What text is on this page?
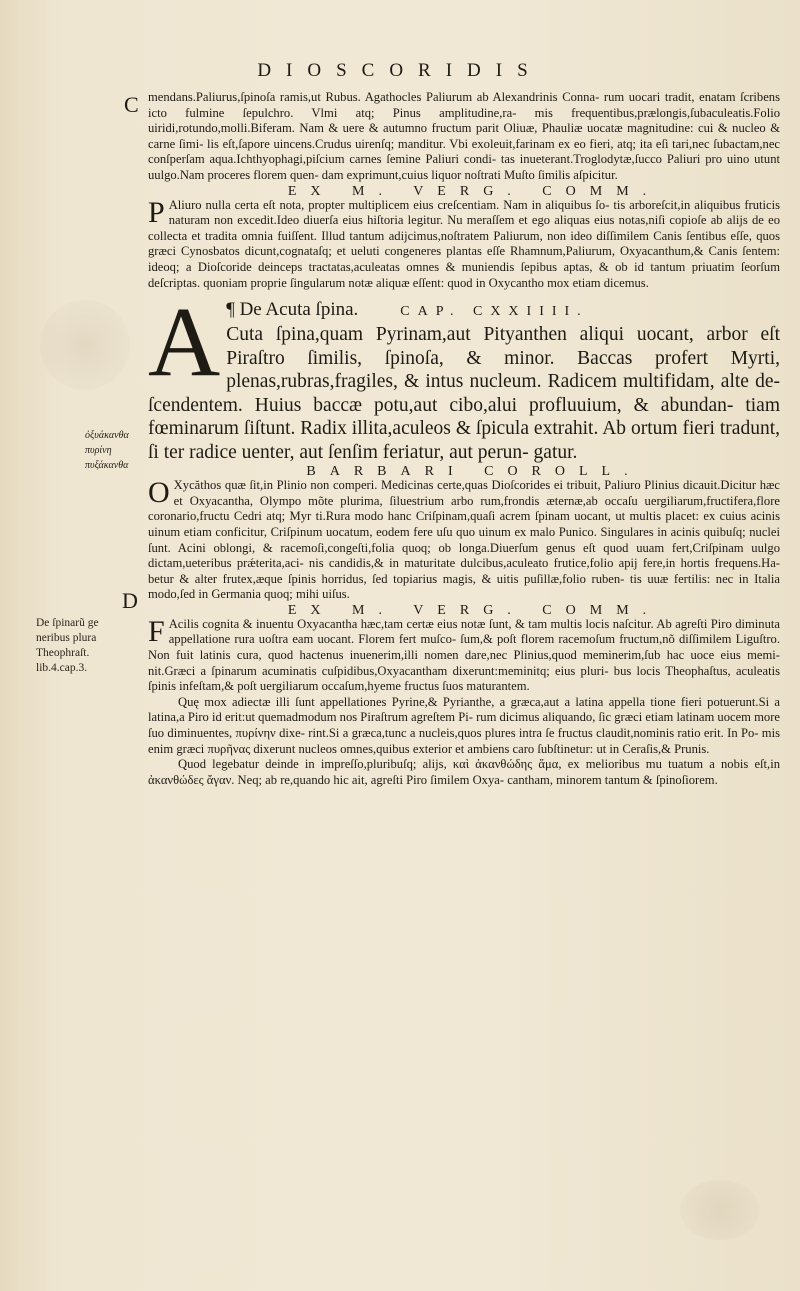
DIOSCORIDIS
C
D
ὀξυάκανθα
πυρίνη
πυξάκανθα
De ſpinarũ ge
neribus plura
Theophraſt.
lib.4.cap.3.

mendans.Paliurus,ſpinoſa ramis,ut Rubus. Agathocles Paliurum ab Alexandrinis Conna- rum uocari tradit, enatam ſcribens icto fulmine ſepulchro. Vlmi atq; Pinus amplitudine,ra- mis frequentibus,prælongis,ſubaculeatis.Folio uiridi,rotundo,molli.Biferam. Nam & uere & autumno fructum parit Oliuæ, Phauliæ uocatæ magnitudine: cui & nucleo & carne ſimi- lis eſt,ſapore uincens.Crudus uirenſq; manditur. Vbi exoleuit,farinam ex eo fieri, atq; ita eſi tari,nec ſubactam,nec conſperſam aqua.Ichthyophagi,piſcium carnes ſemine Paliuri condi- tas inueterant.Troglodytæ,ſucco Paliuri pro uino utunt uulgo.Nam proceres florem quen- dam exprimunt,cuius liquor noſtrati Muſto ſimilis aſpicitur.

EX M. VERG. COMM.

P Aliuro nulla certa eſt nota, propter multiplicem eius creſcentiam. Nam in aliquibus ſo- tis arboreſcit,in aliquibus fruticis naturam non excedit.Ideo diuerſa eius hiſtoria legitur. Nu meraſſem et ego aliquas eius notas,niſi copioſe ab alijs de eo collecta et tradita omnia fuiſſent. Illud tantum adijcimus,noſtratem Paliurum, non ideo diſſimilem Canis ſentibus eſſe, quos græci Cynosbatos dicunt,cognataſq; et ueluti congeneres plantas eſſe Rhamnum,Paliurum, Oxyacanthum,& Canis ſentem: ideoq; a Dioſcoride deinceps tractatas,aculeatas omnes & muniendis ſepibus aptas, & ob id tantum priuatim ſeorſum deſcriptas. quoniam proprie ſingularum notæ aliquæ eſſent: quod in Oxycantho mox etiam dicemus.

A ¶ De Acuta ſpina.	CAP. CXXIIII.

Cuta ſpina,quam Pyrinam,aut Pityanthen aliqui uocant, arbor eſt Piraſtro ſimilis, ſpinoſa, & minor. Baccas profert Myrti, plenas,rubras,fragiles, & intus nucleum. Radicem multifidam, alte de- ſcendentem. Huius baccæ potu,aut cibo,alui profluuium, & abundan- tiam fœminarum ſiſtunt. Radix illita,aculeos & ſpicula extrahit. Ab ortum fieri tradunt, ſi ter radice uenter, aut ſenſim feriatur, aut perun- gatur.

BARBARI COROLL.

O Xycăthos quæ ſit,in Plinio non comperi. Medicinas certe,quas Dioſcorides ei tribuit, Paliuro Plinius dicauit.Dicitur hæc et Oxyacantha, Olympo mõte plurima, ſiluestrium arbo rum,frondis æternæ,ab occaſu uergiliarum,fructifera,flore coronario,fructu Cedri atq; Myr ti.Rura modo hanc Criſpinam,quaſi acrem ſpinam uocant, ut multis placet: ex cuius acinis uinum etiam conficitur, Criſpinum uocatum, eodem fere uſu quo uinum ex malo Punico. Singulares in acinis quibuſq; nuclei ſunt. Acini oblongi, & racemoſi,congeſti,folia quoq; ob longa.Diuerſum genus eſt quod uuam fert,Criſpinam uulgo dictam,ueteribus prǽterita,aci- nis candidis,& in maturitate dulcibus,aculeato frutice,folio apij fere,in hortis frequens.Ha- betur & alter frutex,æque ſpinis horridus, ſed topiarius magis, & uitis puſillæ,folio ruben- tis uuæ fertilis: nec in Italia modo,ſed in Germania quoq; mihi uiſus.

EX M. VERG. COMM.

F Acilis cognita & inuentu Oxyacantha hæc,tam certæ eius notæ ſunt, & tam multis locis naſcitur. Ab agreſti Piro diminuta appellatione rura uoſtra eam uocant. Florem fert muſco- ſum,& poſt florem racemoſum fructum,nõ diſſimilem Liguſtro. Non fuit latinis cura, quod hactenus inuenerim,illi nomen dare,nec Plinius,quod meminerim,ſub hac uoce eius memi- nit.Græci a ſpinarum acuminatis cuſpidibus,Oxyacantham dixerunt:meminitq; eius pluri- bus locis Theophaſtus, aculeatis ſpinis infeſtam,& poſt uergiliarum occaſum,hyeme fructus ſuos maturantem.

Quę mox adiectæ illi ſunt appellationes Pyrine,& Pyrianthe, a græca,aut a latina appella tione fieri potuerunt.Si a latina,a Piro id erit:ut quemadmodum nos Piraſtrum agreſtem Pi- rum dicimus aliquando, ſic græci etiam latinam uocem more ſuo diminuentes, πυρίνην dixe- rint.Si a græca,tunc a nucleis,quos plures intra ſe fructus claudit,nominis ratio erit. In Po- mis enim græci πυρῆνας dixerunt nucleos omnes,quibus exterior et ambiens caro ſubſtinetur: ut in Ceraſis,& Prunis.

Quod legebatur deinde in impreſſo,pluribuſq; alijs, καὶ ἀκανθώδης ἅμα, ex melioribus mu tuatum a nobis eſt,in ἀκανθώδες ἄγαν. Neq; ab re,quando hic ait, agreſti Piro ſimilem Oxya- cantham, minorem tantum & ſpinoſiorem.
